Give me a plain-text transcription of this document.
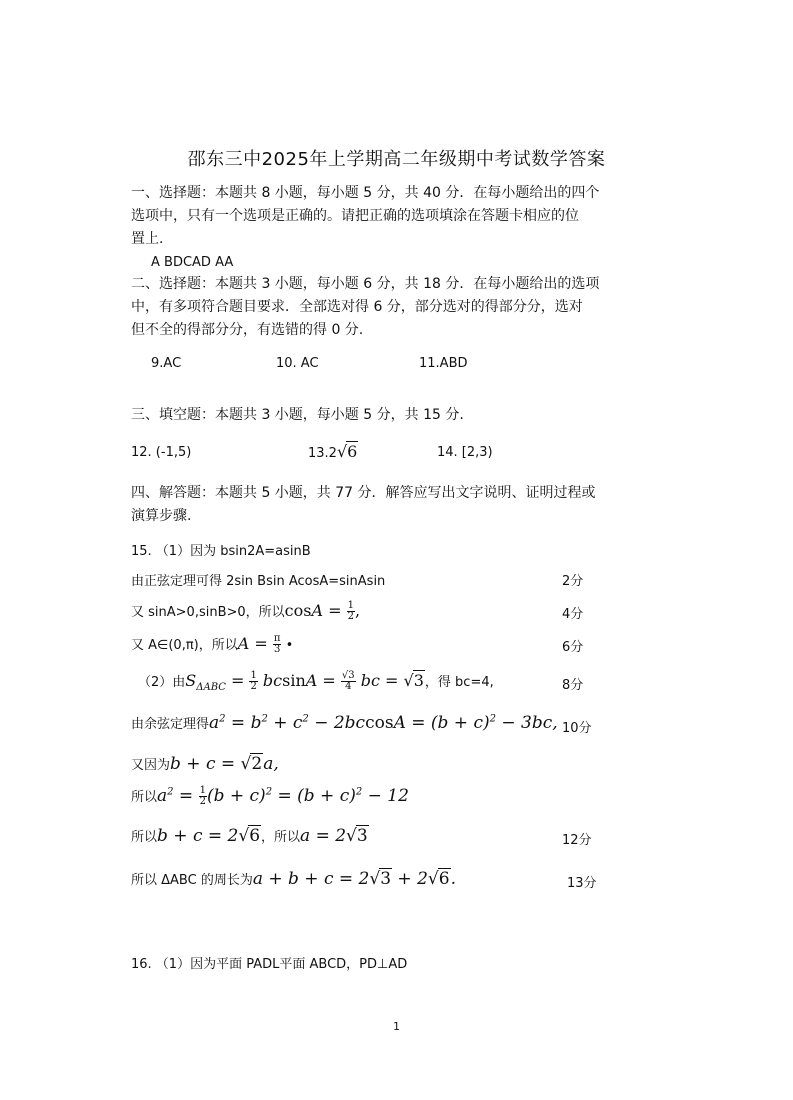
邵东三中2025年上学期高二年级期中考试数学答案
一、选择题：本题共 8 小题，每小题 5 分，共 40 分．在每小题给出的四个
选项中，只有一个选项是正确的。请把正确的选项填涂在答题卡相应的位
置上.
A BDCAD AA
二、选择题：本题共 3 小题，每小题 6 分，共 18 分．在每小题给出的选项
中，有多项符合题目要求．全部选对得 6 分，部分选对的得部分分，选对
但不全的得部分分，有选错的得 0 分.
9.AC	10. AC	11.ABD
三、填空题：本题共 3 小题，每小题 5 分，共 15 分.
12. (-1,5)	13.2√6	14. [2,3)
四、解答题：本题共 5 小题，共 77 分．解答应写出文字说明、证明过程或
演算步骤.
15. （1）因为 bsin2A=asinB
由正弦定理可得 2sin Bsin AcosA=sinAsin	2分
又 sinA>0,sinB>0，所以$\cos A = \frac{1}{2}$ ,	4分
又 A∈(0,π)，所以$A = \frac{\pi}{3}$ •	6分
（2）由$S_{\Delta ABC} = \frac{1}{2}$ $bcsinA = \frac{√3}{4}$ bc = √3，得 bc=4,	8分
由余弦定理得$a^2 = b^2 + c^2 - 2bccosA = (b + c)^2 - 3bc$, 10分
又因为b + c = √2a,
所以$a^2 = \frac{1}{2} (b + c)^2 = (b + c)^2 - 12$
所以b + c = 2√6，所以a = 2√3	12分
所以 ΔABC 的周长为a + b + c = 2√3 + 2√6.	13分
16. （1）因为平面 PADL平面 ABCD，PD⊥AD
1
